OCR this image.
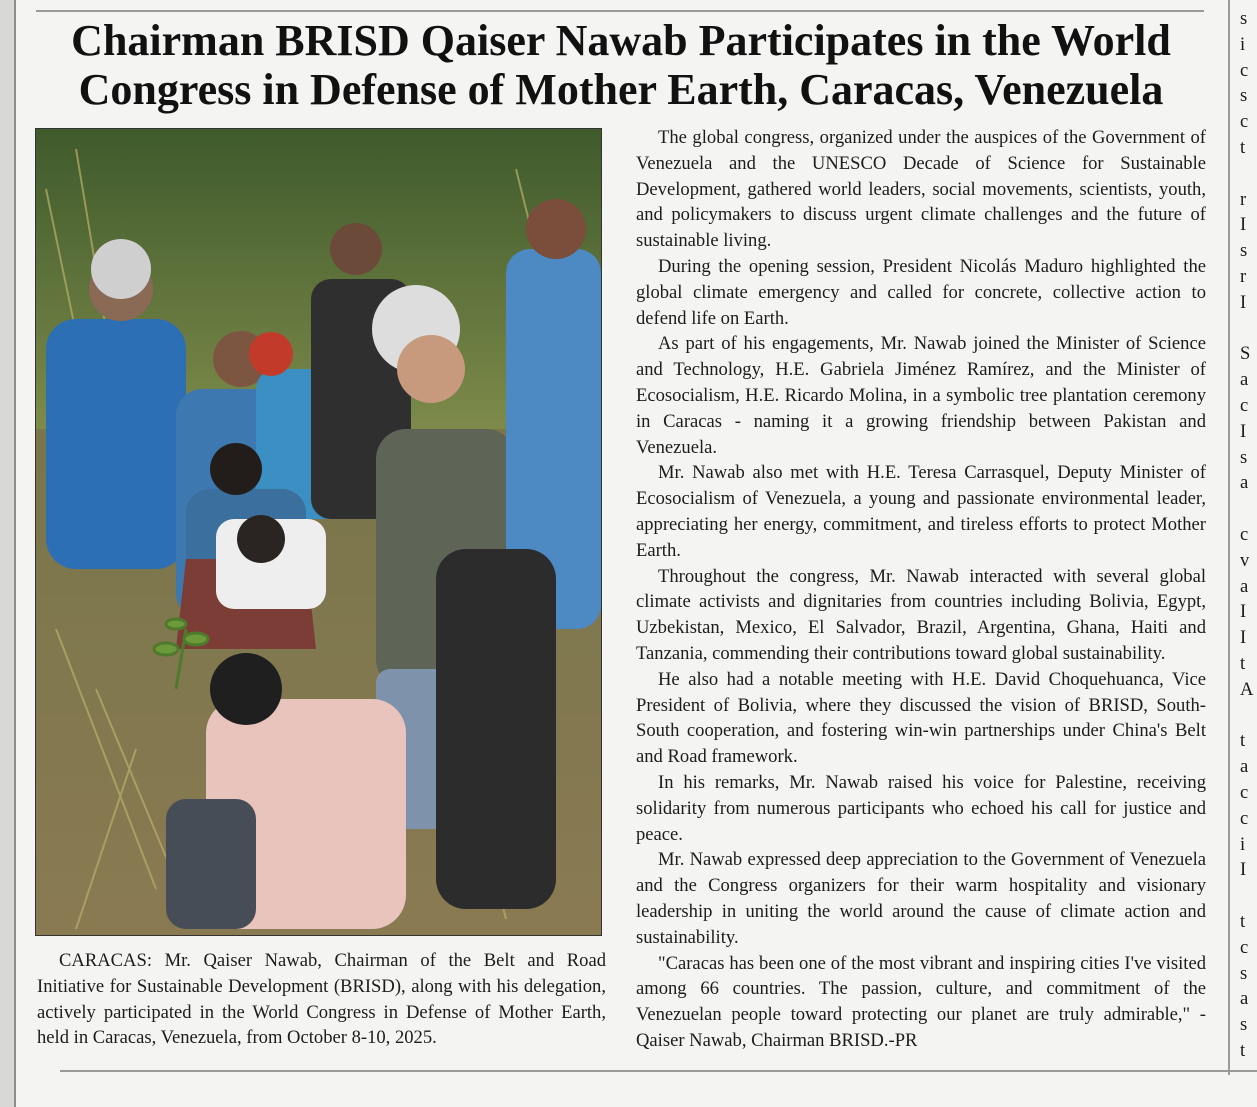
Chairman BRISD Qaiser Nawab Participates in the World
Congress in Defense of Mother Earth, Caracas, Venezuela

CARACAS: Mr. Qaiser Nawab, Chairman of the Belt and Road Initiative for Sustainable Development (BRISD), along with his delegation, actively participated in the World Congress in Defense of Mother Earth, held in Caracas, Venezuela, from October 8-10, 2025.

The global congress, organized under the auspices of the Government of Venezuela and the UNESCO Decade of Science for Sustainable Development, gathered world leaders, social movements, scientists, youth, and policymakers to discuss urgent climate challenges and the future of sustainable living.

During the opening session, President Nicolás Maduro highlighted the global climate emergency and called for concrete, collective action to defend life on Earth.

As part of his engagements, Mr. Nawab joined the Minister of Science and Technology, H.E. Gabriela Jiménez Ramírez, and the Minister of Ecosocialism, H.E. Ricardo Molina, in a symbolic tree plantation ceremony in Caracas - naming it a growing friendship between Pakistan and Venezuela.

Mr. Nawab also met with H.E. Teresa Carrasquel, Deputy Minister of Ecosocialism of Venezuela, a young and passionate environmental leader, appreciating her energy, commitment, and tireless efforts to protect Mother Earth.

Throughout the congress, Mr. Nawab interacted with several global climate activists and dignitaries from countries including Bolivia, Egypt, Uzbekistan, Mexico, El Salvador, Brazil, Argentina, Ghana, Haiti and Tanzania, commending their contributions toward global sustainability.

He also had a notable meeting with H.E. David Choquehuanca, Vice President of Bolivia, where they discussed the vision of BRISD, South-South cooperation, and fostering win-win partnerships under China's Belt and Road framework.

In his remarks, Mr. Nawab raised his voice for Palestine, receiving solidarity from numerous participants who echoed his call for justice and peace.

Mr. Nawab expressed deep appreciation to the Government of Venezuela and the Congress organizers for their warm hospitality and visionary leadership in uniting the world around the cause of climate action and sustainability.

"Caracas has been one of the most vibrant and inspiring cities I've visited among 66 countries. The passion, culture, and commitment of the Venezuelan people toward protecting our planet are truly admirable," - Qaiser Nawab, Chairman BRISD.-PR

s
i
c
s
c
t
r
I
s
r
I
S
a
c
I
s
a
c
v
a
I
I
t
A
t
a
c
c
i
I
t
c
s
a
s
t
